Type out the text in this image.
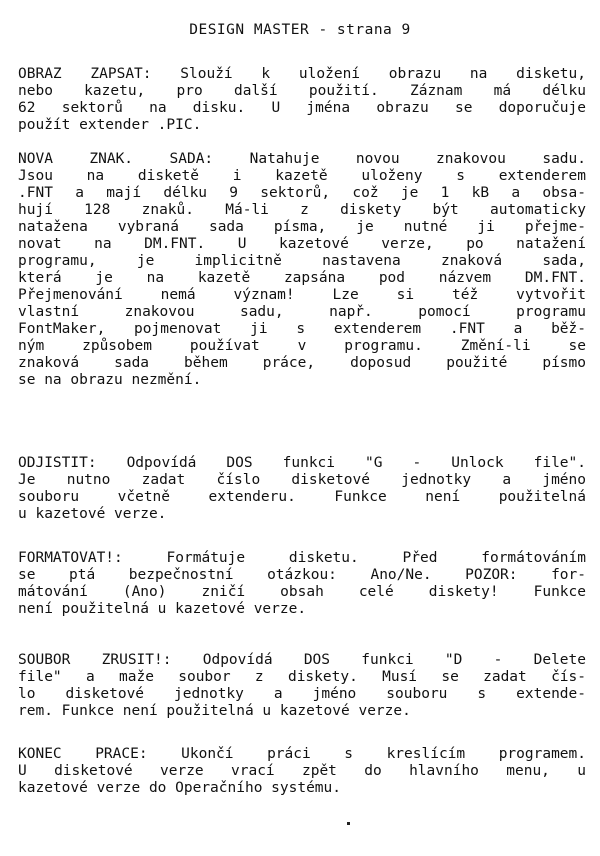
DESIGN MASTER - strana 9
OBRAZ ZAPSAT: Slouží k uložení obrazu na disketu,
nebo kazetu, pro další použití. Záznam má délku
62 sektorů na disku. U jména obrazu se doporučuje
použít extender .PIC.
NOVA ZNAK. SADA: Natahuje novou znakovou sadu.
Jsou na disketě i kazetě uloženy s extenderem
.FNT a mají délku 9 sektorů, což je 1 kB a obsa-
hují 128 znaků. Má-li z diskety být automaticky
natažena vybraná sada písma, je nutné ji přejme-
novat na DM.FNT. U kazetové verze, po natažení
programu, je implicitně nastavena znaková sada,
která je na kazetě zapsána pod názvem DM.FNT.
Přejmenování nemá význam! Lze si též vytvořit
vlastní znakovou sadu, např. pomocí programu
FontMaker, pojmenovat ji s extenderem .FNT a běž-
ným způsobem používat v programu. Změní-li se
znaková sada během práce, doposud použité písmo
se na obrazu nezmění.
ODJISTIT: Odpovídá DOS funkci "G - Unlock file".
Je nutno zadat číslo disketové jednotky a jméno
souboru včetně extenderu. Funkce není použitelná
u kazetové verze.
FORMATOVAT!: Formátuje disketu. Před formátováním
se ptá bezpečnostní otázkou: Ano/Ne. POZOR: for-
mátování (Ano) zničí obsah celé diskety! Funkce
není použitelná u kazetové verze.
SOUBOR ZRUSIT!: Odpovídá DOS funkci "D - Delete
file" a maže soubor z diskety. Musí se zadat čís-
lo disketové jednotky a jméno souboru s extende-
rem. Funkce není použitelná u kazetové verze.
KONEC PRACE: Ukončí práci s kreslícím programem.
U disketové verze vrací zpět do hlavního menu, u
kazetové verze do Operačního systému.
